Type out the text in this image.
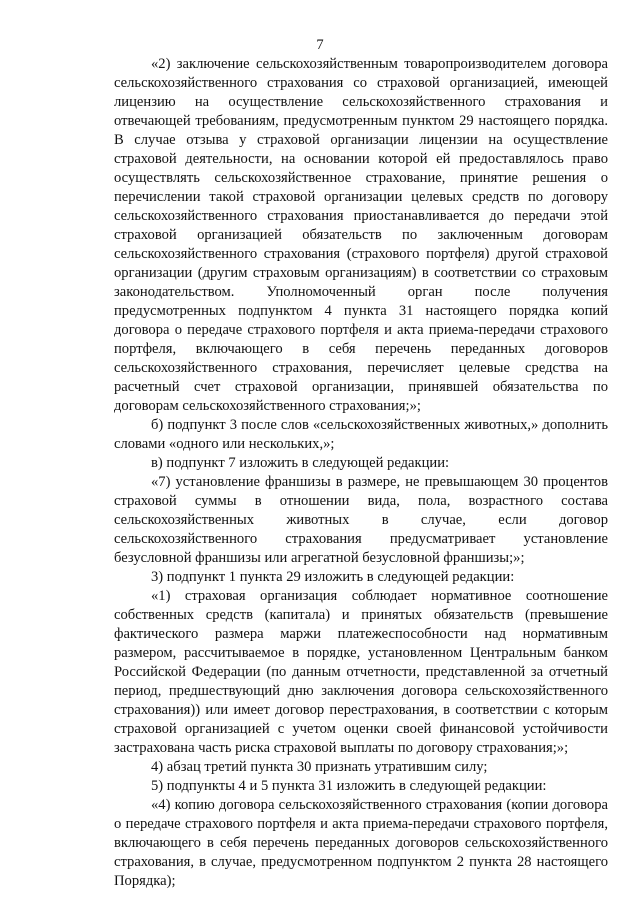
7

«2) заключение сельскохозяйственным товаропроизводителем договора сельскохозяйственного страхования со страховой организацией, имеющей лицензию на осуществление сельскохозяйственного страхования и отвечающей требованиям, предусмотренным пунктом 29 настоящего порядка. В случае отзыва у страховой организации лицензии на осуществление страховой деятельности, на основании которой ей предоставлялось право осуществлять сельскохозяйственное страхование, принятие решения о перечислении такой страховой организации целевых средств по договору сельскохозяйственного страхования приостанавливается до передачи этой страховой организацией обязательств по заключенным договорам сельскохозяйственного страхования (страхового портфеля) другой страховой организации (другим страховым организациям) в соответствии со страховым законодательством. Уполномоченный орган после получения предусмотренных подпунктом 4 пункта 31 настоящего порядка копий договора о передаче страхового портфеля и акта приема-передачи страхового портфеля, включающего в себя перечень переданных договоров сельскохозяйственного страхования, перечисляет целевые средства на расчетный счет страховой организации, принявшей обязательства по договорам сельскохозяйственного страхования;»;

б) подпункт 3 после слов «сельскохозяйственных животных,» дополнить словами «одного или нескольких,»;

в) подпункт 7 изложить в следующей редакции:

«7) установление франшизы в размере, не превышающем 30 процентов страховой суммы в отношении вида, пола, возрастного состава сельскохозяйственных животных в случае, если договор сельскохозяйственного страхования предусматривает установление безусловной франшизы или агрегатной безусловной франшизы;»;

3) подпункт 1 пункта 29 изложить в следующей редакции:

«1) страховая организация соблюдает нормативное соотношение собственных средств (капитала) и принятых обязательств (превышение фактического размера маржи платежеспособности над нормативным размером, рассчитываемое в порядке, установленном Центральным банком Российской Федерации (по данным отчетности, представленной за отчетный период, предшествующий дню заключения договора сельскохозяйственного страхования)) или имеет договор перестрахования, в соответствии с которым страховой организацией с учетом оценки своей финансовой устойчивости застрахована часть риска страховой выплаты по договору страхования;»;

4) абзац третий пункта 30 признать утратившим силу;

5) подпункты 4 и 5 пункта 31 изложить в следующей редакции:

«4) копию договора сельскохозяйственного страхования (копии договора о передаче страхового портфеля и акта приема-передачи страхового портфеля, включающего в себя перечень переданных договоров сельскохозяйственного страхования, в случае, предусмотренном подпунктом 2 пункта 28 настоящего Порядка);
